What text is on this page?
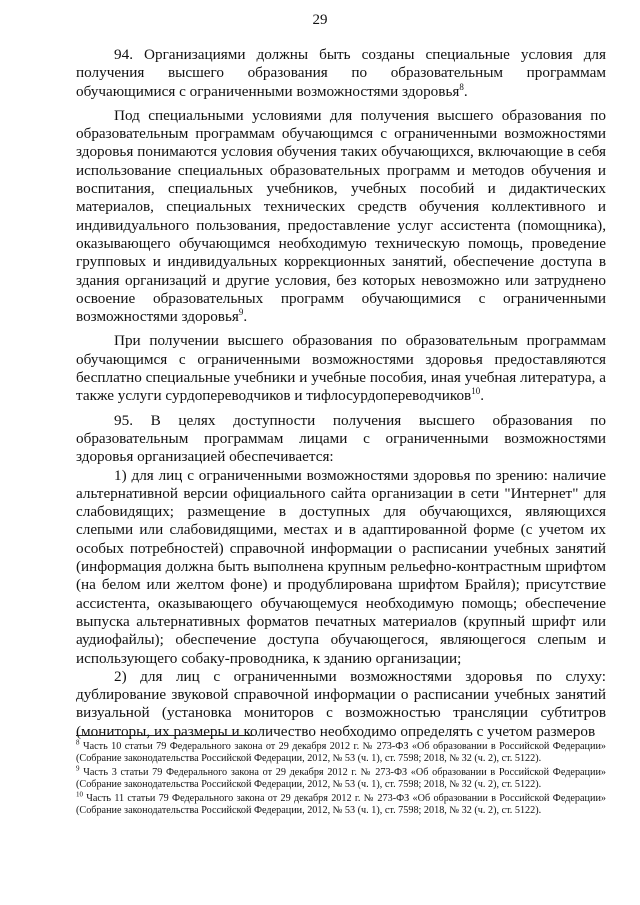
29

94. Организациями должны быть созданы специальные условия для получения высшего образования по образовательным программам обучающимися с ограниченными возможностями здоровья$^8$.

Под специальными условиями для получения высшего образования по образовательным программам обучающимся с ограниченными возможностями здоровья понимаются условия обучения таких обучающихся, включающие в себя использование специальных образовательных программ и методов обучения и воспитания, специальных учебников, учебных пособий и дидактических материалов, специальных технических средств обучения коллективного и индивидуального пользования, предоставление услуг ассистента (помощника), оказывающего обучающимся необходимую техническую помощь, проведение групповых и индивидуальных коррекционных занятий, обеспечение доступа в здания организаций и другие условия, без которых невозможно или затруднено освоение образовательных программ обучающимися с ограниченными возможностями здоровья$^9$.

При получении высшего образования по образовательным программам обучающимся с ограниченными возможностями здоровья предоставляются бесплатно специальные учебники и учебные пособия, иная учебная литература, а также услуги сурдопереводчиков и тифлосурдопереводчиков$^{10}$.

95. В целях доступности получения высшего образования по образовательным программам лицами с ограниченными возможностями здоровья организацией обеспечивается:

1) для лиц с ограниченными возможностями здоровья по зрению: наличие альтернативной версии официального сайта организации в сети "Интернет" для слабовидящих; размещение в доступных для обучающихся, являющихся слепыми или слабовидящими, местах и в адаптированной форме (с учетом их особых потребностей) справочной информации о расписании учебных занятий (информация должна быть выполнена крупным рельефно-контрастным шрифтом (на белом или желтом фоне) и продублирована шрифтом Брайля); присутствие ассистента, оказывающего обучающемуся необходимую помощь; обеспечение выпуска альтернативных форматов печатных материалов (крупный шрифт или аудиофайлы); обеспечение доступа обучающегося, являющегося слепым и использующего собаку-проводника, к зданию организации;

2) для лиц с ограниченными возможностями здоровья по слуху: дублирование звуковой справочной информации о расписании учебных занятий визуальной (установка мониторов с возможностью трансляции субтитров (мониторы, их размеры и количество необходимо определять с учетом размеров

$^8$ Часть 10 статьи 79 Федерального закона от 29 декабря 2012 г. № 273-ФЗ «Об образовании в Российской Федерации» (Собрание законодательства Российской Федерации, 2012, № 53 (ч. 1), ст. 7598; 2018, № 32 (ч. 2), ст. 5122).

$^9$ Часть 3 статьи 79 Федерального закона от 29 декабря 2012 г. № 273-ФЗ «Об образовании в Российской Федерации» (Собрание законодательства Российской Федерации, 2012, № 53 (ч. 1), ст. 7598; 2018, № 32 (ч. 2), ст. 5122).

$^{10}$ Часть 11 статьи 79 Федерального закона от 29 декабря 2012 г. № 273-ФЗ «Об образовании в Российской Федерации» (Собрание законодательства Российской Федерации, 2012, № 53 (ч. 1), ст. 7598; 2018, № 32 (ч. 2), ст. 5122).
